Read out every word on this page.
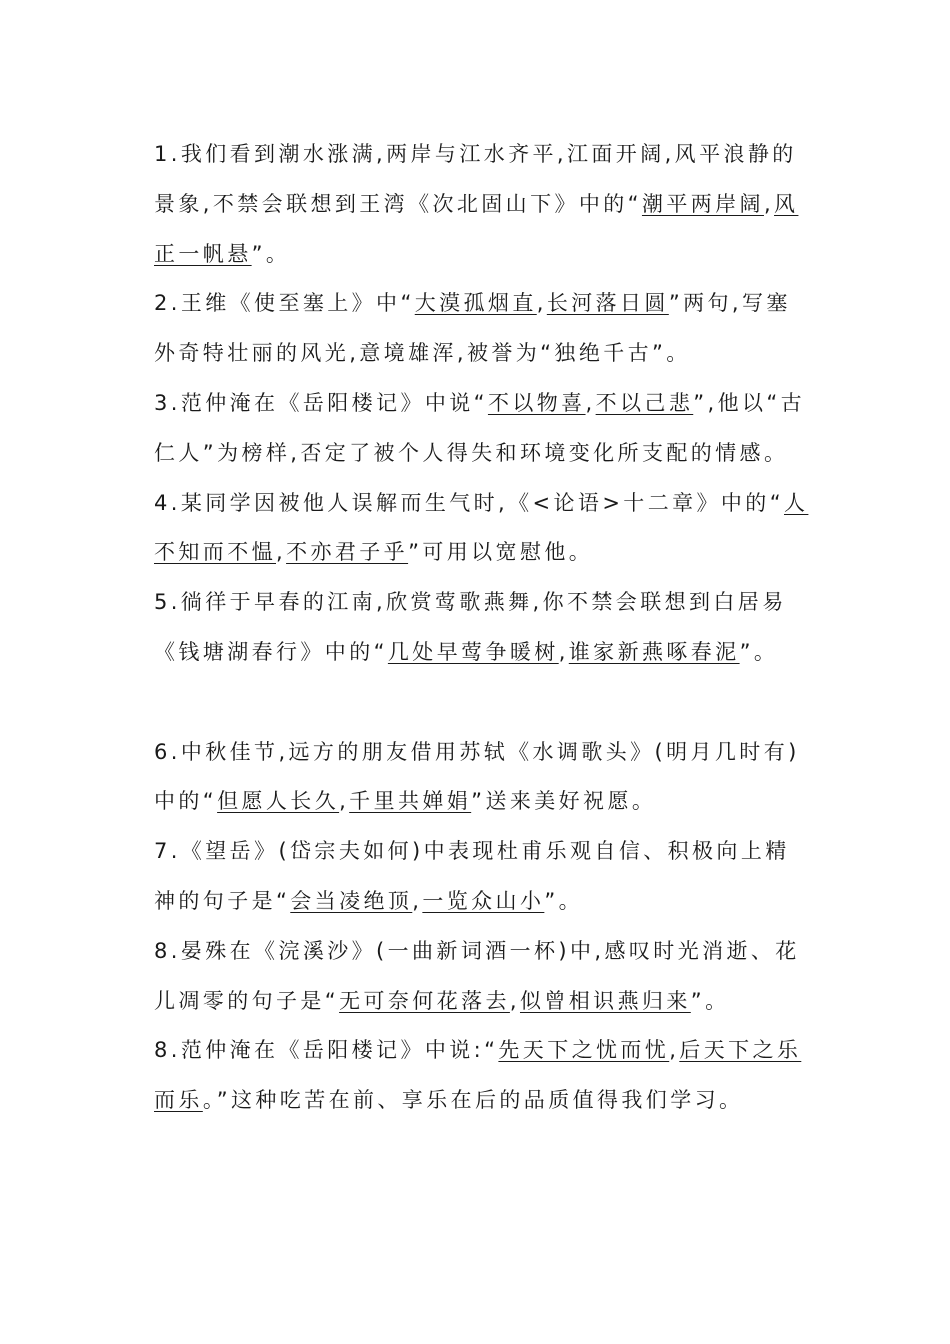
1.我们看到潮水涨满,两岸与江水齐平,江面开阔,风平浪静的景象,不禁会联想到王湾《次北固山下》中的“潮平两岸阔,风正一帆悬”。

2.王维《使至塞上》中“大漠孤烟直,长河落日圆”两句,写塞外奇特壮丽的风光,意境雄浑,被誉为“独绝千古”。

3.范仲淹在《岳阳楼记》中说“不以物喜,不以己悲”,他以“古仁人”为榜样,否定了被个人得失和环境变化所支配的情感。

4.某同学因被他人误解而生气时,《<论语>十二章》中的“人不知而不愠,不亦君子乎”可用以宽慰他。

5.徜徉于早春的江南,欣赏莺歌燕舞,你不禁会联想到白居易《钱塘湖春行》中的“几处早莺争暖树,谁家新燕啄春泥”。

6.中秋佳节,远方的朋友借用苏轼《水调歌头》(明月几时有)中的“但愿人长久,千里共婵娟”送来美好祝愿。

7.《望岳》(岱宗夫如何)中表现杜甫乐观自信、积极向上精神的句子是“会当凌绝顶,一览众山小”。

8.晏殊在《浣溪沙》(一曲新词酒一杯)中,感叹时光消逝、花儿凋零的句子是“无可奈何花落去,似曾相识燕归来”。

8.范仲淹在《岳阳楼记》中说:“先天下之忧而忧,后天下之乐而乐。”这种吃苦在前、享乐在后的品质值得我们学习。
